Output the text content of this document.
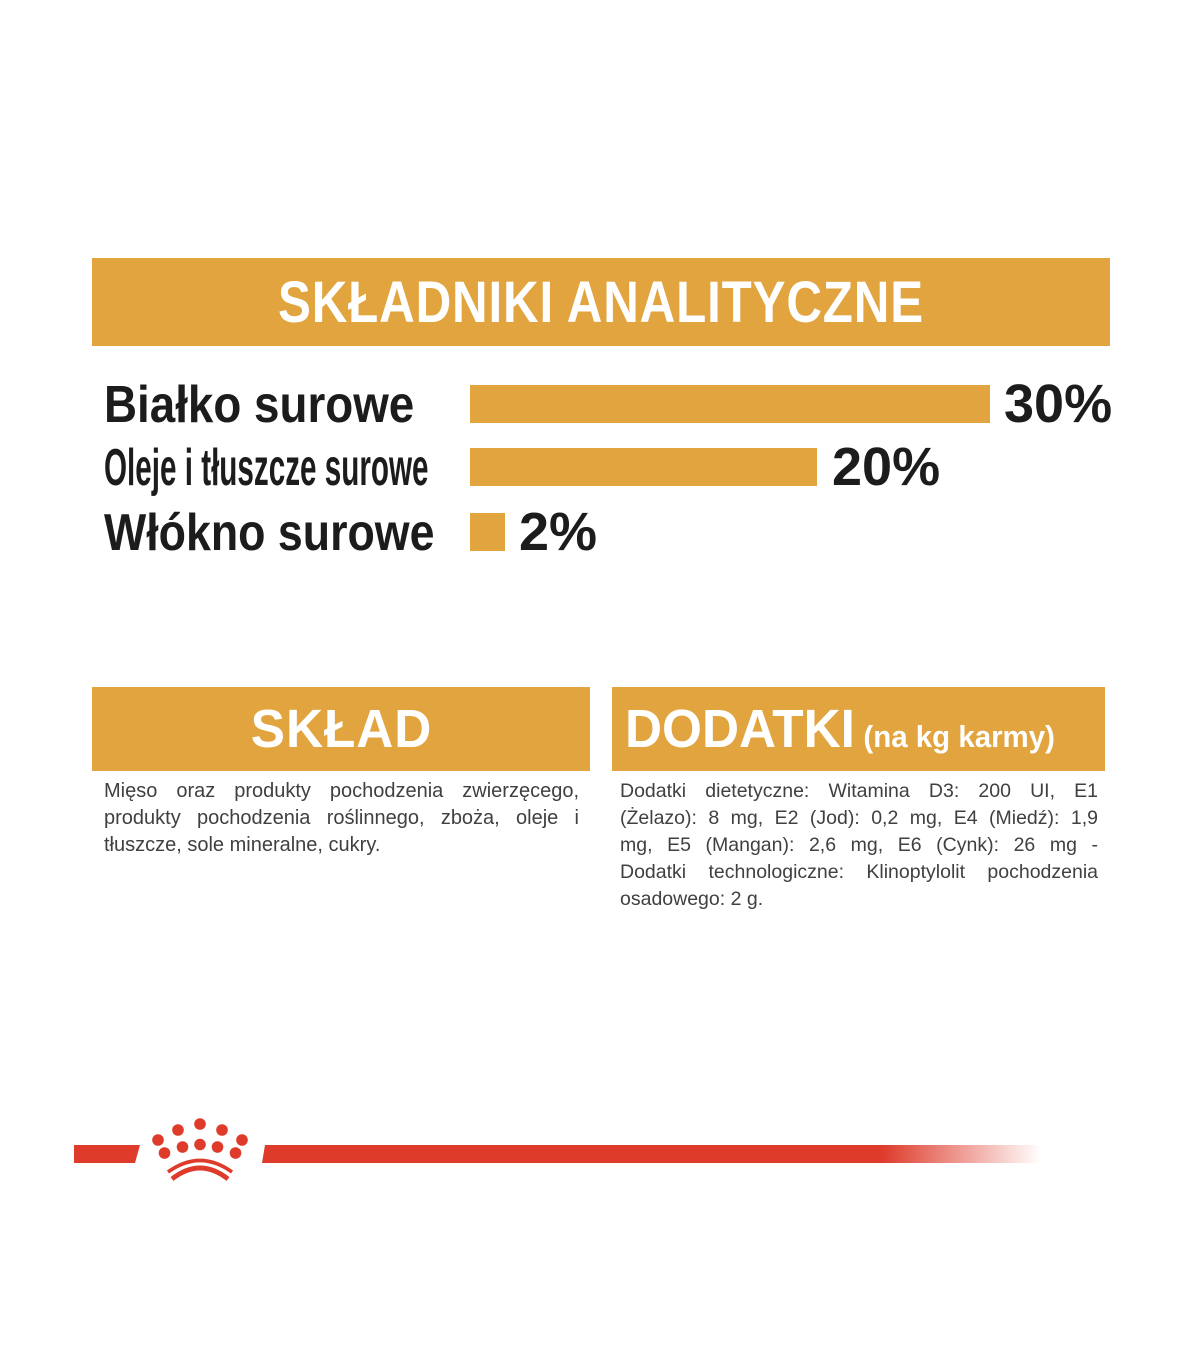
SKŁADNIKI ANALITYCZNE
Białko surowe	30%
Oleje i tłuszcze surowe	20%
Włókno surowe 2%
SKŁAD
Mięso oraz produkty pochodzenia zwierzęcego,
produkty pochodzenia roślinnego, zboża, oleje i
tłuszcze, sole mineralne, cukry.
DODATKI (na kg karmy)
Dodatki dietetyczne: Witamina D3: 200 UI, E1
(Żelazo): 8 mg, E2 (Jod): 0,2 mg, E4 (Miedź): 1,9
mg, E5 (Mangan): 2,6 mg, E6 (Cynk): 26 mg -
Dodatki technologiczne: Klinoptylolit pochodzenia
osadowego: 2 g.
